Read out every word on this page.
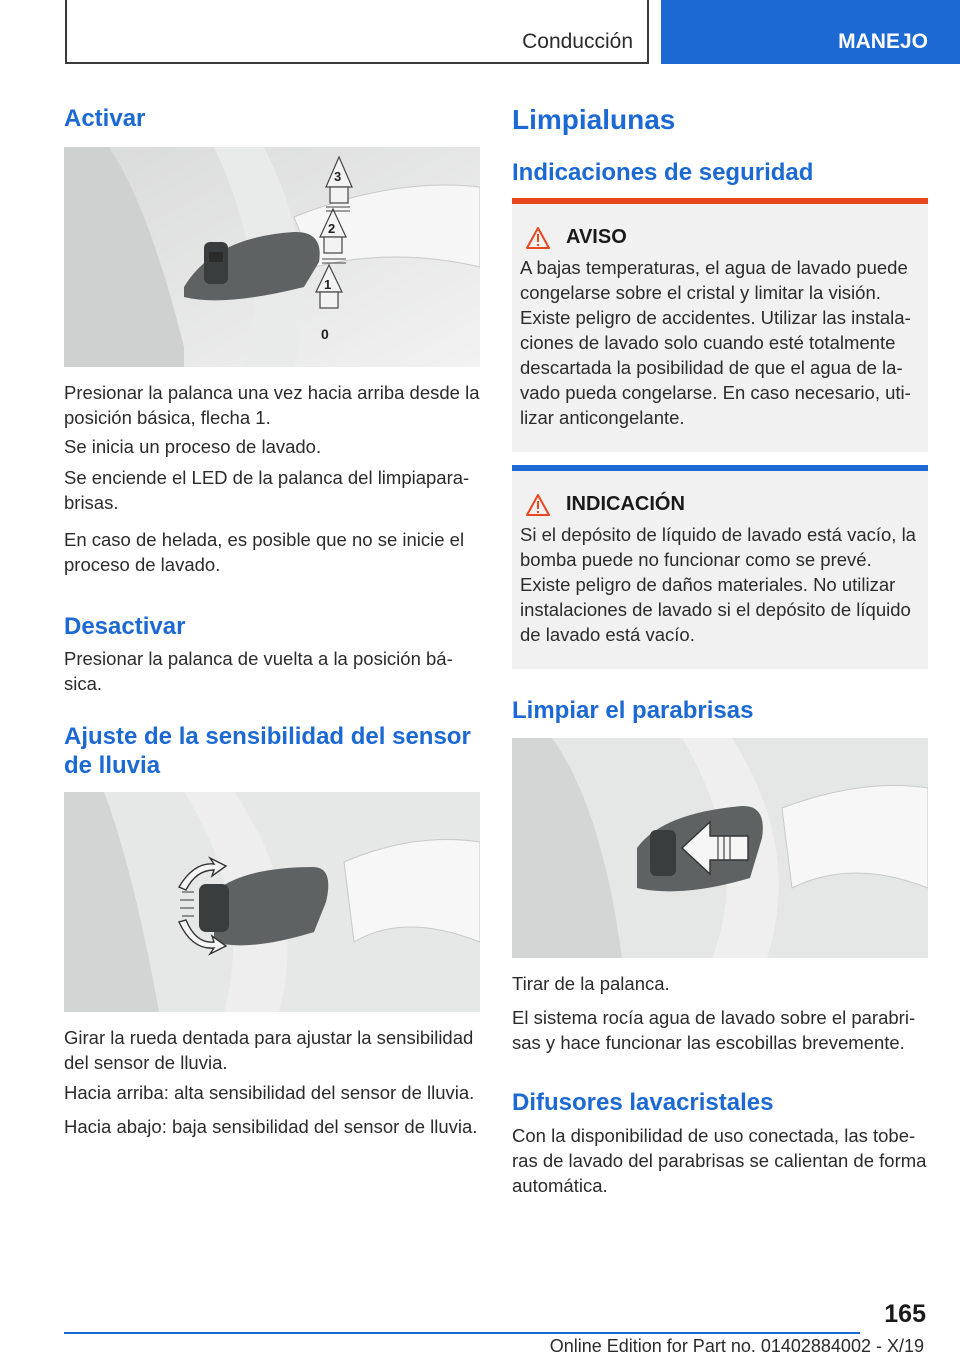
Conducción	MANEJO
Activar
3
2
1
0

Presionar la palanca una vez hacia arriba desde la posición básica, flecha 1.

Se inicia un proceso de lavado.

Se enciende el LED de la palanca del limpiapara-brisas.

En caso de helada, es posible que no se inicie el proceso de lavado.

Desactivar

Presionar la palanca de vuelta a la posición bá-sica.

Ajuste de la sensibilidad del sensor de lluvia

Girar la rueda dentada para ajustar la sensibilidad del sensor de lluvia.

Hacia arriba: alta sensibilidad del sensor de lluvia.

Hacia abajo: baja sensibilidad del sensor de lluvia.

Limpialunas
Indicaciones de seguridad
AVISO

A bajas temperaturas, el agua de lavado puede congelarse sobre el cristal y limitar la visión. Existe peligro de accidentes. Utilizar las instala-ciones de lavado solo cuando esté totalmente descartada la posibilidad de que el agua de la-vado pueda congelarse. En caso necesario, uti-lizar anticongelante.

INDICACIÓN

Si el depósito de líquido de lavado está vacío, la bomba puede no funcionar como se prevé. Existe peligro de daños materiales. No utilizar instalaciones de lavado si el depósito de líquido de lavado está vacío.

Limpiar el parabrisas

Tirar de la palanca.

El sistema rocía agua de lavado sobre el parabri-sas y hace funcionar las escobillas brevemente.

Difusores lavacristales

Con la disponibilidad de uso conectada, las tobe-ras de lavado del parabrisas se calientan de forma automática.

165
Online Edition for Part no. 01402884002 - X/19
